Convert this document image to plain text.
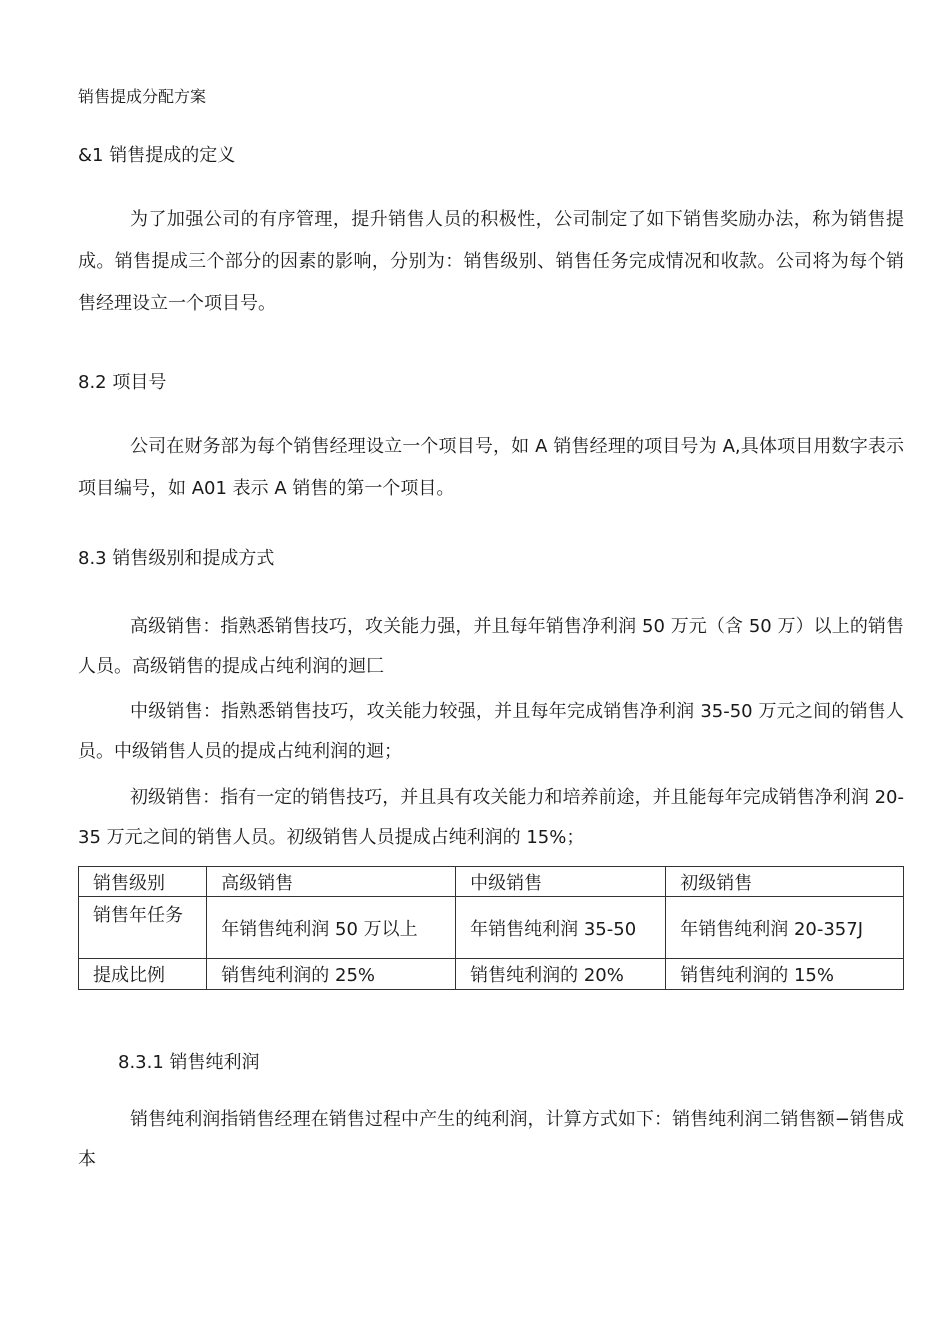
销售提成分配方案
&1 销售提成的定义
为了加强公司的有序管理，提升销售人员的积极性，公司制定了如下销售奖励办法，称为销售提成。销售提成三个部分的因素的影响，分别为：销售级别、销售任务完成情况和收款。公司将为每个销售经理设立一个项目号。
8.2 项目号
公司在财务部为每个销售经理设立一个项目号，如 A 销售经理的项目号为 A,具体项目用数字表示项目编号，如 A01 表示 A 销售的第一个项目。
8.3 销售级别和提成方式
高级销售：指熟悉销售技巧，攻关能力强，并且每年销售净利润 50 万元（含 50 万）以上的销售人员。高级销售的提成占纯利润的迴匚
中级销售：指熟悉销售技巧，攻关能力较强，并且每年完成销售净利润 35-50 万元之间的销售人员。中级销售人员的提成占纯利润的迴；
初级销售：指有一定的销售技巧，并且具有攻关能力和培养前途，并且能每年完成销售净利润 20-35 万元之间的销售人员。初级销售人员提成占纯利润的 15%；
销售级别	高级销售	中级销售	初级销售
销售年任务	年销售纯利润 50 万以上	年销售纯利润 35-50	年销售纯利润 20-357J
提成比例	销售纯利润的 25%	销售纯利润的 20%	销售纯利润的 15%
8.3.1 销售纯利润
销售纯利润指销售经理在销售过程中产生的纯利润，计算方式如下：销售纯利润二销售额−销售成本
